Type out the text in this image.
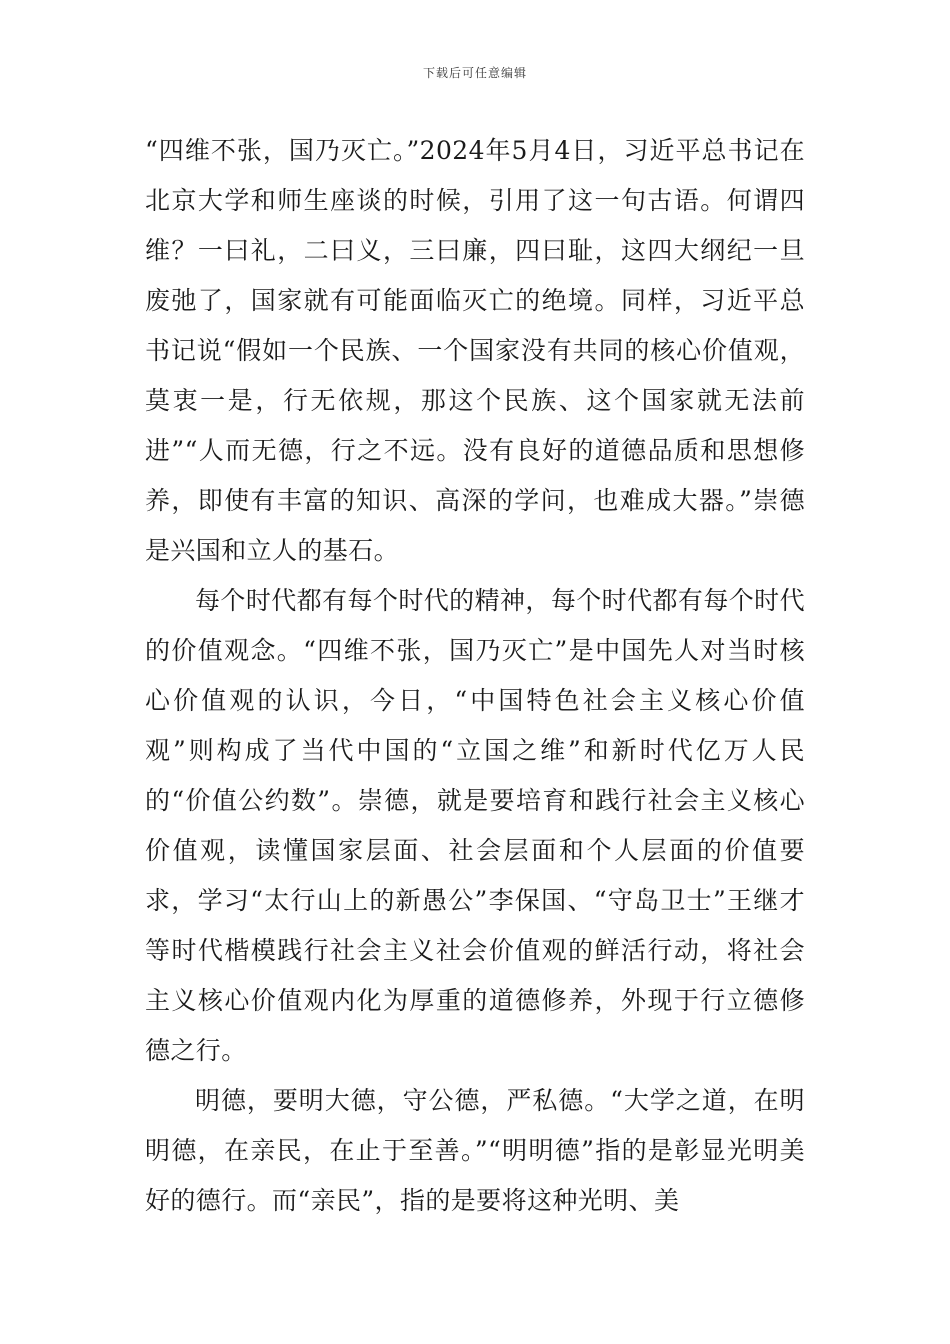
下载后可任意编辑

“四维不张，国乃灭亡。”2024年5月4日，习近平总书记在北京大学和师生座谈的时候，引用了这一句古语。何谓四维？一曰礼，二曰义，三曰廉，四曰耻，这四大纲纪一旦废弛了，国家就有可能面临灭亡的绝境。同样，习近平总书记说“假如一个民族、一个国家没有共同的核心价值观，莫衷一是，行无依规，那这个民族、这个国家就无法前进”“人而无德，行之不远。没有良好的道德品质和思想修养，即使有丰富的知识、高深的学问，也难成大器。”崇德是兴国和立人的基石。

每个时代都有每个时代的精神，每个时代都有每个时代的价值观念。“四维不张，国乃灭亡”是中国先人对当时核心价值观的认识，今日，“中国特色社会主义核心价值观”则构成了当代中国的“立国之维”和新时代亿万人民的“价值公约数”。崇德，就是要培育和践行社会主义核心价值观，读懂国家层面、社会层面和个人层面的价值要求，学习“太行山上的新愚公”李保国、“守岛卫士”王继才等时代楷模践行社会主义社会价值观的鲜活行动，将社会主义核心价值观内化为厚重的道德修养，外现于行立德修德之行。

明德，要明大德，守公德，严私德。“大学之道，在明明德，在亲民，在止于至善。”“明明德”指的是彰显光明美好的德行。而“亲民”，指的是要将这种光明、美
